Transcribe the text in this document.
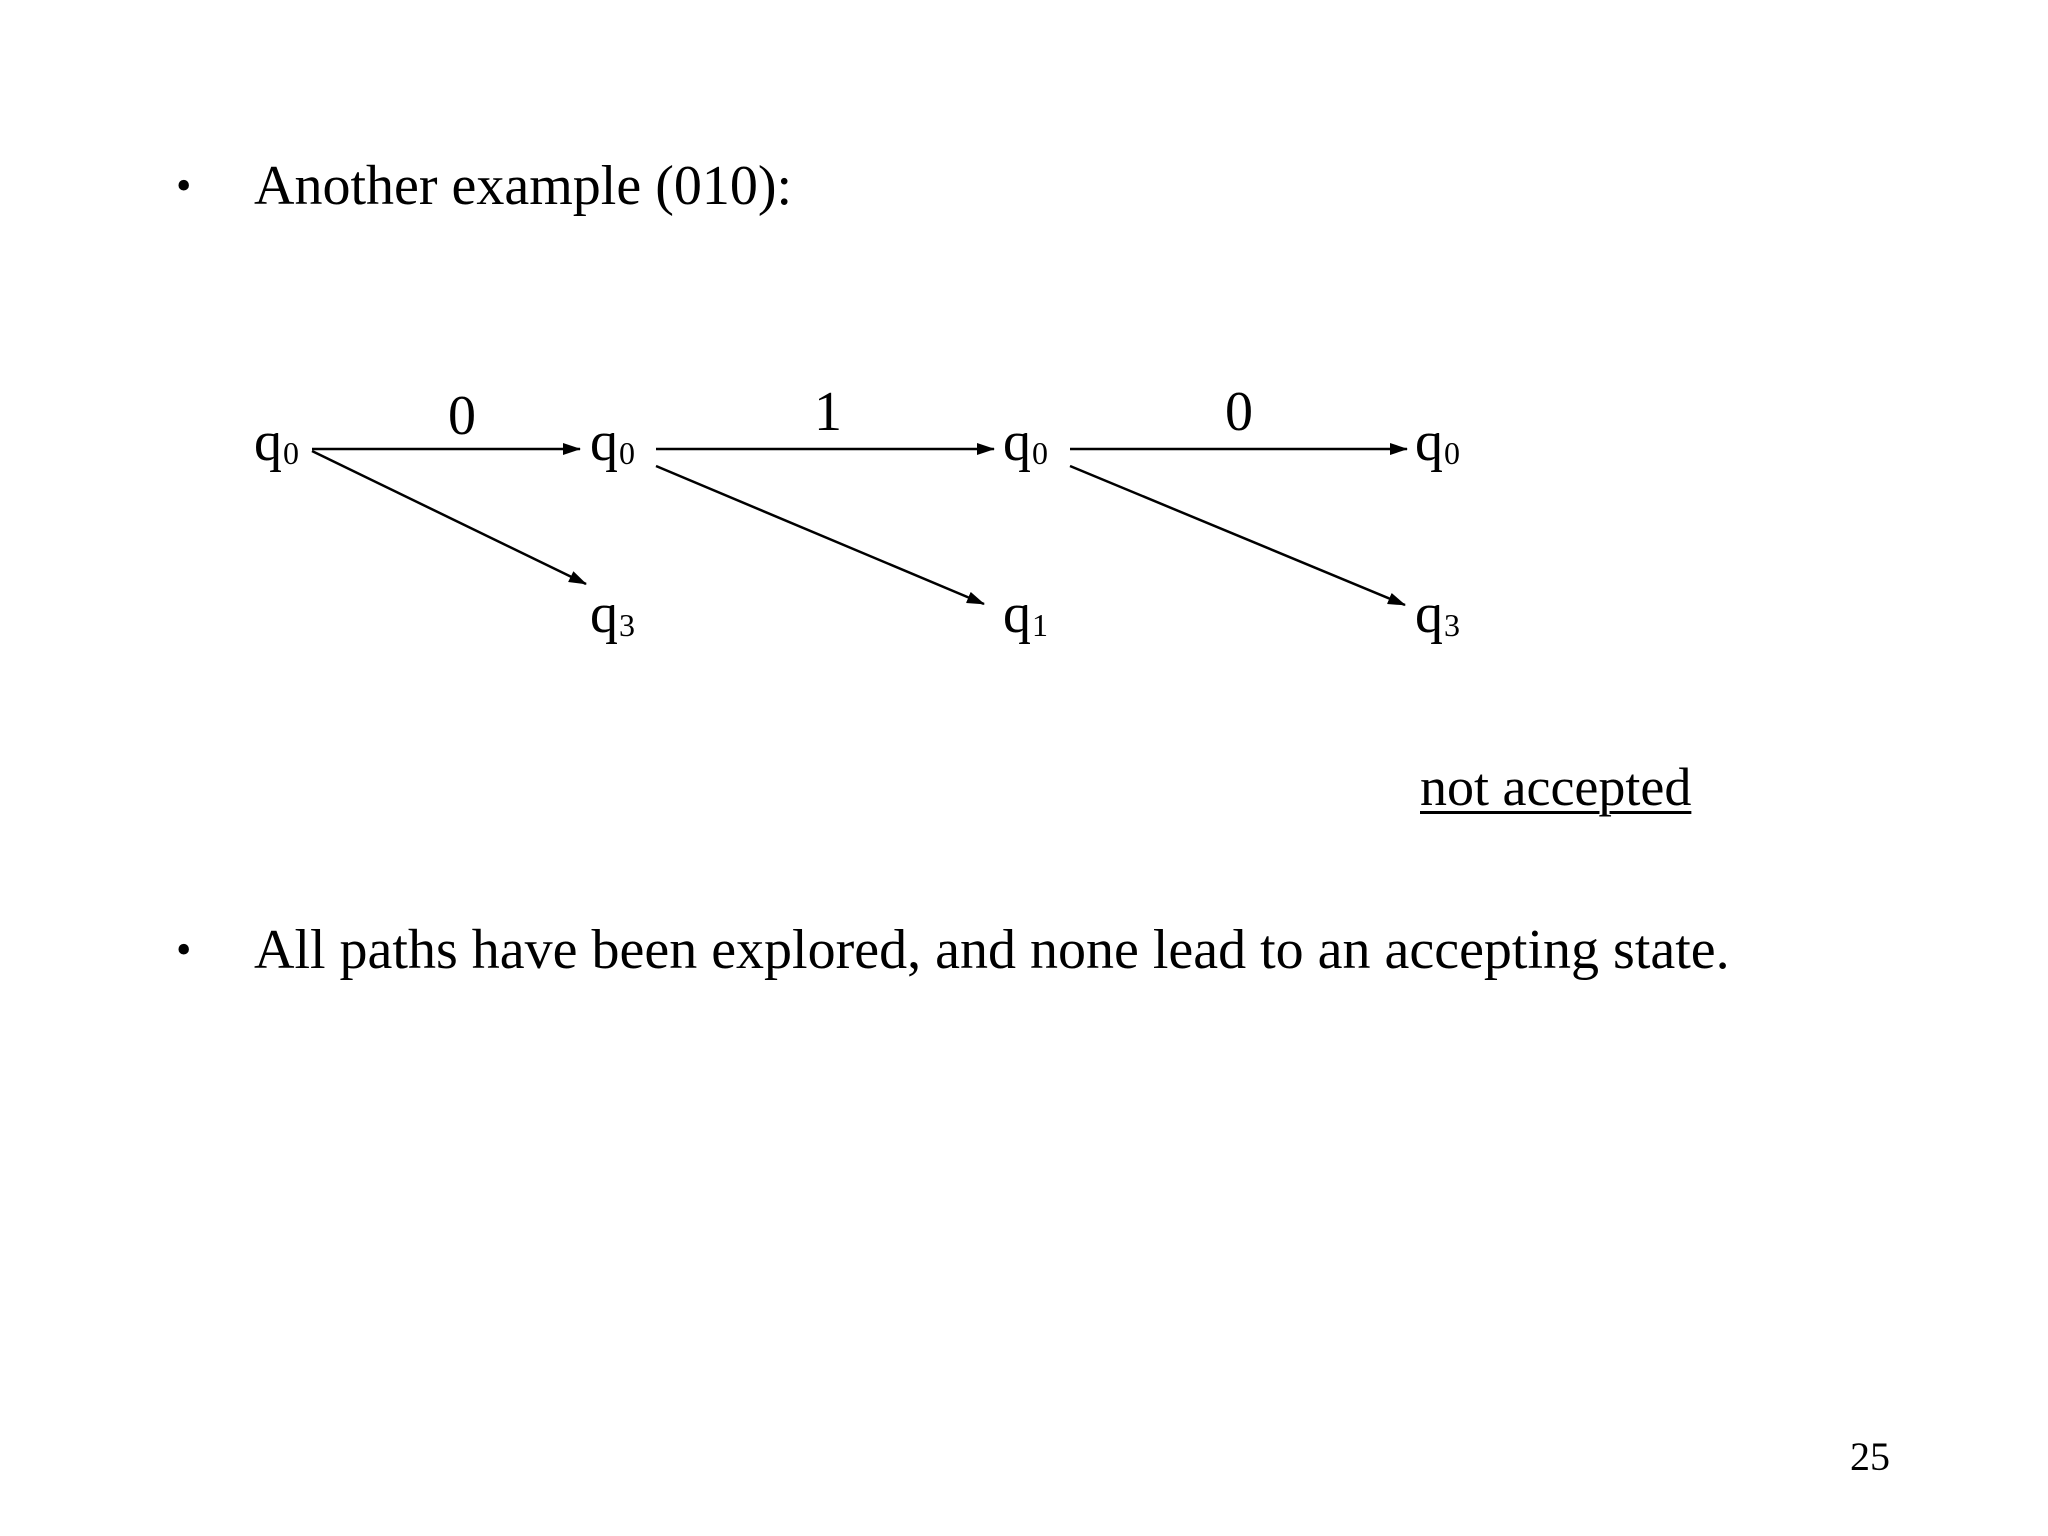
• Another example (010):
0	1	0
q0	q0
q3
q0
q1
q0
q3
not accepted
• All paths have been explored, and none lead to an accepting state.
25
